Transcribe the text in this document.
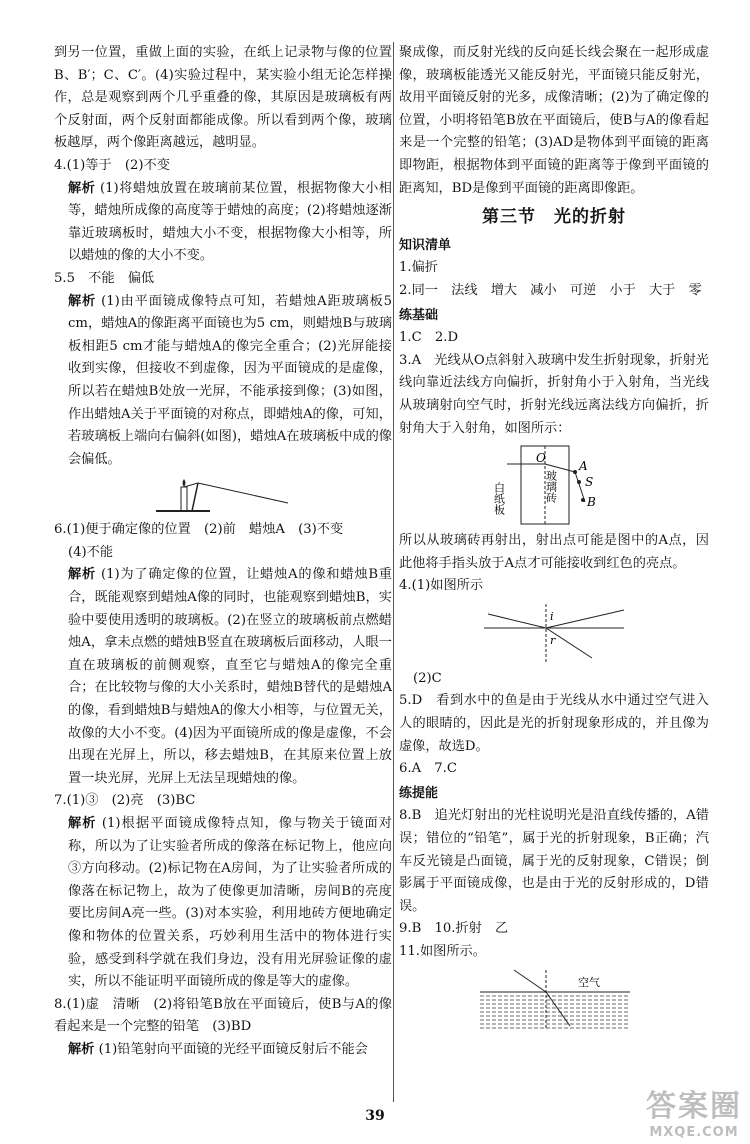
到另一位置，重做上面的实验，在纸上记录物与像的位置B、B′；C、C′。(4)实验过程中，某实验小组无论怎样操作，总是观察到两个几乎重叠的像，其原因是玻璃板有两个反射面，两个反射面都能成像。所以看到两个像，玻璃板越厚，两个像距离越远，越明显。

4.(1)等于　(2)不变

解析 (1)将蜡烛放置在玻璃前某位置，根据物像大小相等，蜡烛所成像的高度等于蜡烛的高度；(2)将蜡烛逐渐靠近玻璃板时，蜡烛大小不变，根据物像大小相等，所以蜡烛的像的大小不变。

5.5　不能　偏低

解析 (1)由平面镜成像特点可知，若蜡烛A距玻璃板5 cm，蜡烛A的像距离平面镜也为5 cm，则蜡烛B与玻璃板相距5 cm才能与蜡烛A的像完全重合；(2)光屏能接收到实像，但接收不到虚像，因为平面镜成的是虚像，所以若在蜡烛B处放一光屏，不能承接到像；(3)如图，作出蜡烛A关于平面镜的对称点，即蜡烛A的像，可知，若玻璃板上端向右偏斜(如图)，蜡烛A在玻璃板中成的像会偏低。

6.(1)便于确定像的位置　(2)前　蜡烛A　(3)不变

(4)不能

解析 (1)为了确定像的位置，让蜡烛A的像和蜡烛B重合，既能观察到蜡烛A像的同时，也能观察到蜡烛B，实验中要使用透明的玻璃板。(2)在竖立的玻璃板前点燃蜡烛A，拿未点燃的蜡烛B竖直在玻璃板后面移动，人眼一直在玻璃板的前侧观察，直至它与蜡烛A的像完全重合；在比较物与像的大小关系时，蜡烛B替代的是蜡烛A的像，看到蜡烛B与蜡烛A的像大小相等，与位置无关，故像的大小不变。(4)因为平面镜所成的像是虚像，不会出现在光屏上，所以，移去蜡烛B，在其原来位置上放置一块光屏，光屏上无法呈现蜡烛的像。

7.(1)③　(2)亮　(3)BC

解析 (1)根据平面镜成像特点知，像与物关于镜面对称，所以为了让实验者所成的像落在标记物上，他应向③方向移动。(2)标记物在A房间，为了让实验者所成的像落在标记物上，故为了使像更加清晰，房间B的亮度要比房间A亮一些。(3)对本实验，利用地砖方便地确定像和物体的位置关系，巧妙利用生活中的物体进行实验，感受到科学就在我们身边，没有用光屏验证像的虚实，所以不能证明平面镜所成的像是等大的虚像。

8.(1)虚　清晰　(2)将铅笔B放在平面镜后，使B与A的像看起来是一个完整的铅笔　(3)BD

解析 (1)铅笔射向平面镜的光经平面镜反射后不能会

聚成像，而反射光线的反向延长线会聚在一起形成虚像，玻璃板能透光又能反射光，平面镜只能反射光，故用平面镜反射的光多，成像清晰；(2)为了确定像的位置，小明将铅笔B放在平面镜后，使B与A的像看起来是一个完整的铅笔；(3)AD是物体到平面镜的距离即物距，根据物体到平面镜的距离等于像到平面镜的距离知，BD是像到平面镜的距离即像距。

第三节　光的折射
知识清单

1.偏折

2.同一　法线　增大　减小　可逆　小于　大于　零

练基础

1.C　2.D

3.A　光线从O点斜射入玻璃中发生折射现象，折射光线向靠近法线方向偏折，折射角小于入射角，当光线从玻璃射向空气时，折射光线远离法线方向偏折，折射角大于入射角，如图所示：

O
白纸板	玻璃砖
A
S
B

所以从玻璃砖再射出，射出点可能是图中的A点，因此他将手指头放于A点才可能接收到红色的亮点。

4.(1)如图所示

i
r

(2)C

5.D　看到水中的鱼是由于光线从水中通过空气进入人的眼睛的，因此是光的折射现象形成的，并且像为虚像，故选D。

6.A　7.C

练提能

8.B　追光灯射出的光柱说明光是沿直线传播的，A错误；错位的“铅笔”，属于光的折射现象，B正确；汽车反光镜是凸面镜，属于光的反射现象，C错误；倒影属于平面镜成像，也是由于光的反射形成的，D错误。

9.B　10.折射　乙

11.如图所示。

空气
39	答案圈
MXQE.COM
